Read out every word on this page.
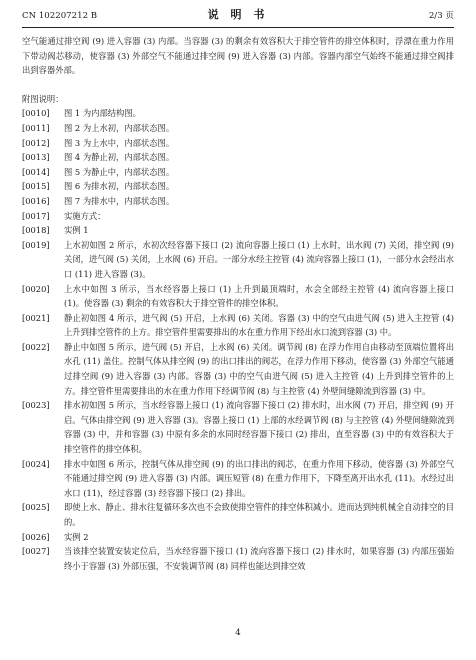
CN 102207212 B	说 明 书	2/3 页

空气能通过排空阀 (9) 进入容器 (3) 内部。当容器 (3) 的剩余有效容积大于排空管件的排空体积时，浮漂在重力作用下带动阀芯移动，使容器 (3) 外部空气不能通过排空阀 (9) 进入容器 (3) 内部。容器内部空气始终不能通过排空阀排出到容器外部。

附图说明：

[0010]	图 1 为内部结构图。
[0011]	图 2 为上水初，内部状态图。
[0012]	图 3 为上水中，内部状态图。
[0013]	图 4 为静止初，内部状态图。
[0014]	图 5 为静止中，内部状态图。
[0015]	图 6 为排水初，内部状态图。
[0016]	图 7 为排水中，内部状态图。
[0017]	实施方式：
[0018]	实例 1
[0019]	上水初如图 2 所示，水初次经容器下接口 (2) 流向容器上接口 (1) 上水时，出水阀 (7) 关闭，排空阀 (9) 关闭，进气阀 (5) 关闭，上水阀 (6) 开启。一部分水经主控管 (4) 流向容器上接口 (1)，一部分水会经出水口 (11) 进入容器 (3)。
[0020]	上水中如图 3 所示，当水经容器上接口 (1) 上升到最顶端时，水会全部经主控管 (4) 流向容器上接口 (1)。使容器 (3) 剩余的有效容积大于排空管件的排空体积。
[0021]	静止初如图 4 所示，进气阀 (5) 开启，上水阀 (6) 关闭。容器 (3) 中的空气由进气阀 (5) 进入主控管 (4) 上升到排空管件的上方。排空管件里需要排出的水在重力作用下经出水口流到容器 (3) 中。
[0022]	静止中如图 5 所示，进气阀 (5) 开启，上水阀 (6) 关闭。调节阀 (8) 在浮力作用自由移动至顶端位置将出水孔 (11) 盖住。控制气体从排空阀 (9) 的出口排出的阀芯，在浮力作用下移动，使容器 (3) 外部空气能通过排空阀 (9) 进入容器 (3) 内部。容器 (3) 中的空气由进气阀 (5) 进入主控管 (4) 上升到排空管件的上方。排空管件里需要排出的水在重力作用下经调节阀 (8) 与主控管 (4) 外壁间缝隙流到容器 (3) 中。
[0023]	排水初如图 5 所示，当水经容器上接口 (1) 流向容器下接口 (2) 排水时，出水阀 (7) 开启，排空阀 (9) 开启。气体由排空阀 (9) 进入容器 (3)。容器上接口 (1) 上部的水经调节阀 (8) 与主控管 (4) 外壁间缝隙流到容器 (3) 中，并和容器 (3) 中原有多余的水同时经容器下接口 (2) 排出，直至容器 (3) 中的有效容积大于排空管件的排空体积。
[0024]	排水中如图 6 所示，控制气体从排空阀 (9) 的出口排出的阀芯，在重力作用下移动，使容器 (3) 外部空气不能通过排空阀 (9) 进入容器 (3) 内部。调压短管 (8) 在重力作用下，下降至离开出水孔 (11)。水经过出水口 (11)，经过容器 (3) 经容器下接口 (2) 排出。
[0025]	即使上水、静止、排水往复循环多次也不会致使排空管件的排空体积减小。进而达到纯机械全自动排空的目的。
[0026]	实例 2
[0027]	当该排空装置安装定位后，当水经容器下接口 (1) 流向容器下接口 (2) 排水时，如果容器 (3) 内部压强始终小于容器 (3) 外部压强，不安装调节阀 (8) 同样也能达到排空效
4
